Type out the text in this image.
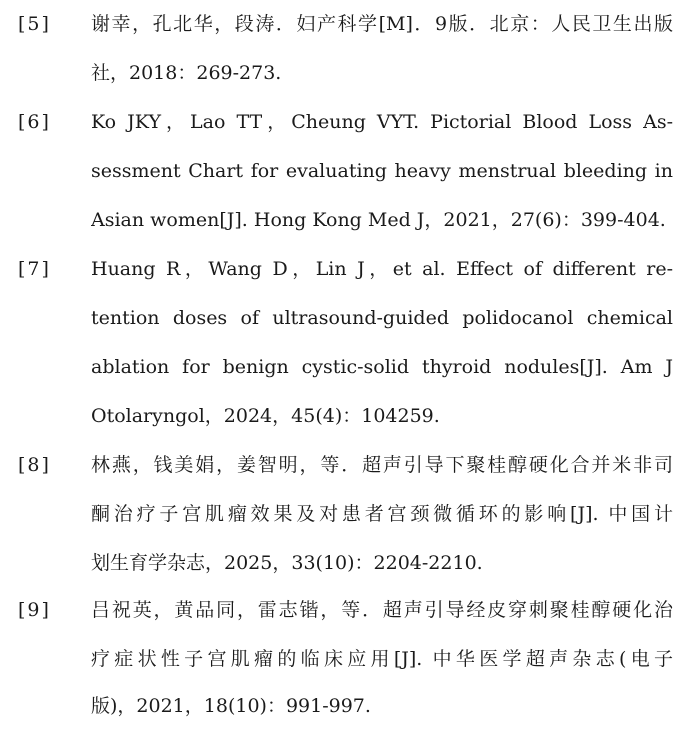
[5] 谢幸，孔北华，段涛．妇产科学[M]．9版．北京：人民卫生出版
社，2018：269-273.
[6] Ko JKY，Lao TT，Cheung VYT. Pictorial Blood Loss As-
sessment Chart for evaluating heavy menstrual bleeding in
Asian women[J]. Hong Kong Med J，2021，27(6)：399-404.
[7] Huang R，Wang D，Lin J，et al. Effect of different re-
tention doses of ultrasound-guided polidocanol chemical
ablation for benign cystic-solid thyroid nodules[J]. Am J
Otolaryngol，2024，45(4)：104259.
[8] 林燕，钱美娟，姜智明，等．超声引导下聚桂醇硬化合并米非司
酮治疗子宫肌瘤效果及对患者宫颈微循环的影响[J]. 中国计
划生育学杂志，2025，33(10)：2204-2210.
[9] 吕祝英，黄品同，雷志锴，等．超声引导经皮穿刺聚桂醇硬化治
疗症状性子宫肌瘤的临床应用[J]. 中华医学超声杂志(电子
版)，2021，18(10)：991-997.
